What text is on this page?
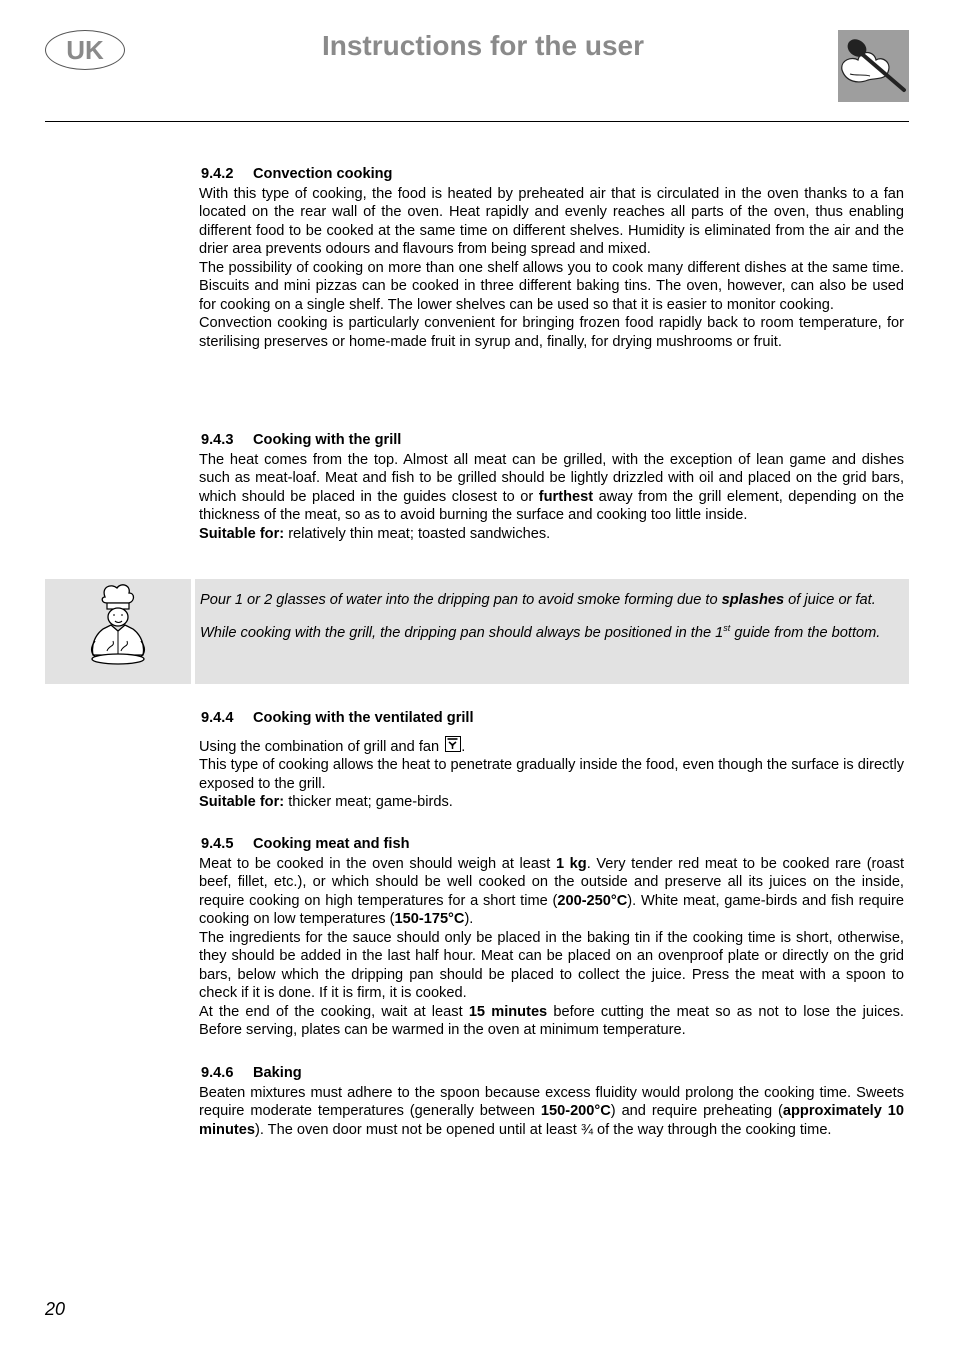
UK	Instructions for the user
9.4.2 Convection cooking

With this type of cooking, the food is heated by preheated air that is circulated in the oven thanks to a fan located on the rear wall of the oven. Heat rapidly and evenly reaches all parts of the oven, thus enabling different food to be cooked at the same time on different shelves. Humidity is eliminated from the air and the drier area prevents odours and flavours from being spread and mixed.

The possibility of cooking on more than one shelf allows you to cook many different dishes at the same time. Biscuits and mini pizzas can be cooked in three different baking tins. The oven, however, can also be used for cooking on a single shelf. The lower shelves can be used so that it is easier to monitor cooking.

Convection cooking is particularly convenient for bringing frozen food rapidly back to room temperature, for sterilising preserves or home-made fruit in syrup and, finally, for drying mushrooms or fruit.

9.4.3 Cooking with the grill

The heat comes from the top. Almost all meat can be grilled, with the exception of lean game and dishes such as meat-loaf. Meat and fish to be grilled should be lightly drizzled with oil and placed on the grid bars, which should be placed in the guides closest to or furthest away from the grill element, depending on the thickness of the meat, so as to avoid burning the surface and cooking too little inside.

Suitable for: relatively thin meat; toasted sandwiches.

Pour 1 or 2 glasses of water into the dripping pan to avoid smoke forming due to splashes of juice or fat.

While cooking with the grill, the dripping pan should always be positioned in the 1st guide from the bottom.

9.4.4 Cooking with the ventilated grill

Using the combination of grill and fan
.

This type of cooking allows the heat to penetrate gradually inside the food, even though the surface is directly exposed to the grill.

Suitable for: thicker meat; game-birds.

9.4.5 Cooking meat and fish

Meat to be cooked in the oven should weigh at least 1 kg. Very tender red meat to be cooked rare (roast beef, fillet, etc.), or which should be well cooked on the outside and preserve all its juices on the inside, require cooking on high temperatures for a short time (200-250°C). White meat, game-birds and fish require cooking on low temperatures (150-175°C).

The ingredients for the sauce should only be placed in the baking tin if the cooking time is short, otherwise, they should be added in the last half hour. Meat can be placed on an ovenproof plate or directly on the grid bars, below which the dripping pan should be placed to collect the juice. Press the meat with a spoon to check if it is done. If it is firm, it is cooked.

At the end of the cooking, wait at least 15 minutes before cutting the meat so as not to lose the juices. Before serving, plates can be warmed in the oven at minimum temperature.

9.4.6 Baking

Beaten mixtures must adhere to the spoon because excess fluidity would prolong the cooking time. Sweets require moderate temperatures (generally between 150-200°C) and require preheating (approximately 10 minutes). The oven door must not be opened until at least ¾ of the way through the cooking time.

20
